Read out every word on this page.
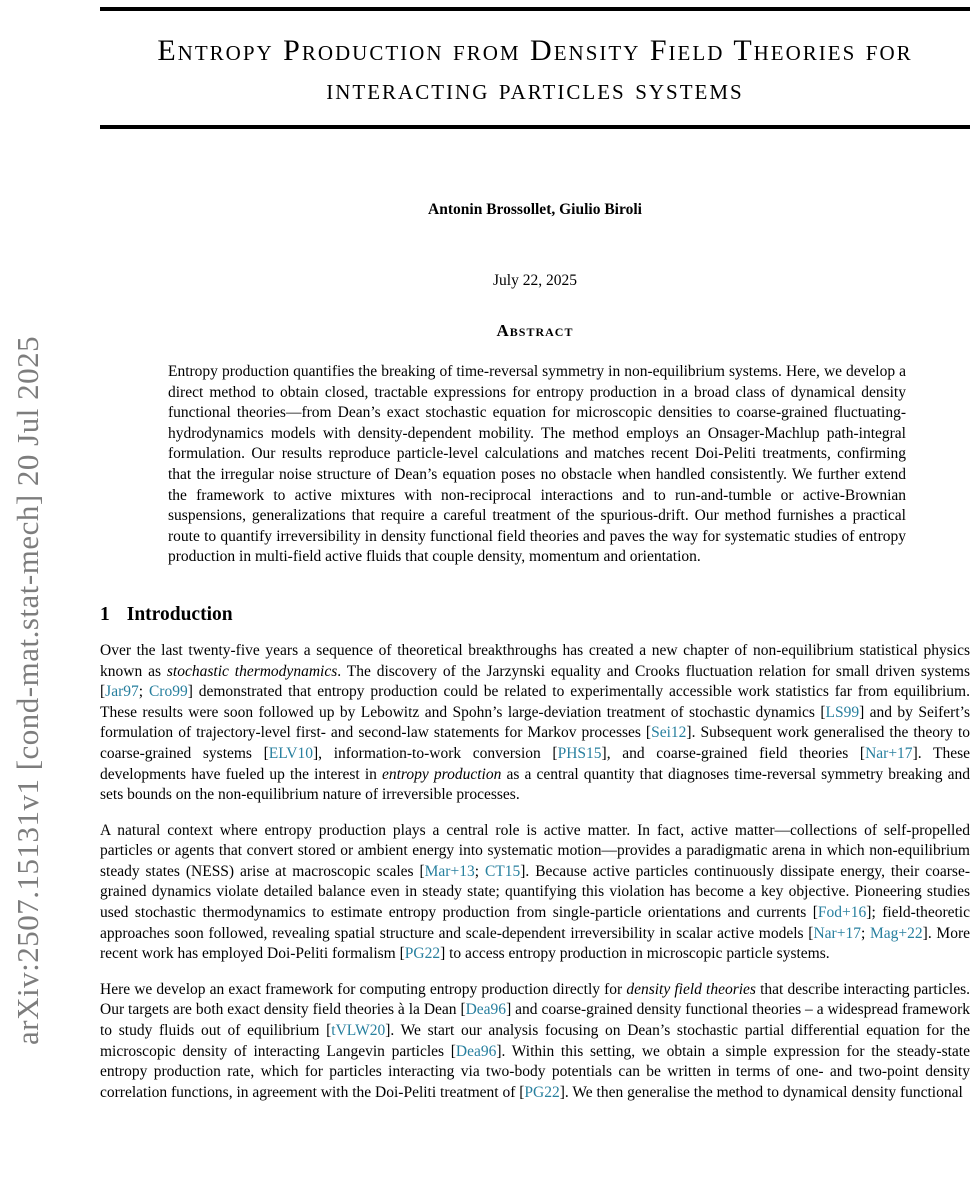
arXiv:2507.15131v1 [cond-mat.stat-mech] 20 Jul 2025
Entropy Production from Density Field Theories for
interacting particles systems
Antonin Brossollet, Giulio Biroli
July 22, 2025
Abstract

Entropy production quantifies the breaking of time-reversal symmetry in non-equilibrium systems. Here, we develop a direct method to obtain closed, tractable expressions for entropy production in a broad class of dynamical density functional theories—from Dean’s exact stochastic equation for microscopic densities to coarse-grained fluctuating-hydrodynamics models with density-dependent mobility. The method employs an Onsager-Machlup path-integral formulation. Our results reproduce particle-level calculations and matches recent Doi-Peliti treatments, confirming that the irregular noise structure of Dean’s equation poses no obstacle when handled consistently. We further extend the framework to active mixtures with non-reciprocal interactions and to run-and-tumble or active-Brownian suspensions, generalizations that require a careful treatment of the spurious-drift. Our method furnishes a practical route to quantify irreversibility in density functional field theories and paves the way for systematic studies of entropy production in multi-field active fluids that couple density, momentum and orientation.

1 Introduction

Over the last twenty-five years a sequence of theoretical breakthroughs has created a new chapter of non-equilibrium statistical physics known as stochastic thermodynamics. The discovery of the Jarzynski equality and Crooks fluctuation relation for small driven systems [Jar97; Cro99] demonstrated that entropy production could be related to experimentally accessible work statistics far from equilibrium. These results were soon followed up by Lebowitz and Spohn’s large-deviation treatment of stochastic dynamics [LS99] and by Seifert’s formulation of trajectory-level first- and second-law statements for Markov processes [Sei12]. Subsequent work generalised the theory to coarse-grained systems [ELV10], information-to-work conversion [PHS15], and coarse-grained field theories [Nar+17]. These developments have fueled up the interest in entropy production as a central quantity that diagnoses time-reversal symmetry breaking and sets bounds on the non-equilibrium nature of irreversible processes.

A natural context where entropy production plays a central role is active matter. In fact, active matter—collections of self-propelled particles or agents that convert stored or ambient energy into systematic motion—provides a paradigmatic arena in which non-equilibrium steady states (NESS) arise at macroscopic scales [Mar+13; CT15]. Because active particles continuously dissipate energy, their coarse-grained dynamics violate detailed balance even in steady state; quantifying this violation has become a key objective. Pioneering studies used stochastic thermodynamics to estimate entropy production from single-particle orientations and currents [Fod+16]; field-theoretic approaches soon followed, revealing spatial structure and scale-dependent irreversibility in scalar active models [Nar+17; Mag+22]. More recent work has employed Doi-Peliti formalism [PG22] to access entropy production in microscopic particle systems.

Here we develop an exact framework for computing entropy production directly for density field theories that describe interacting particles. Our targets are both exact density field theories à la Dean [Dea96] and coarse-grained density functional theories – a widespread framework to study fluids out of equilibrium [tVLW20]. We start our analysis focusing on Dean’s stochastic partial differential equation for the microscopic density of interacting Langevin particles [Dea96]. Within this setting, we obtain a simple expression for the steady-state entropy production rate, which for particles interacting via two-body potentials can be written in terms of one- and two-point density correlation functions, in agreement with the Doi-Peliti treatment of [PG22]. We then generalise the method to dynamical density functional
